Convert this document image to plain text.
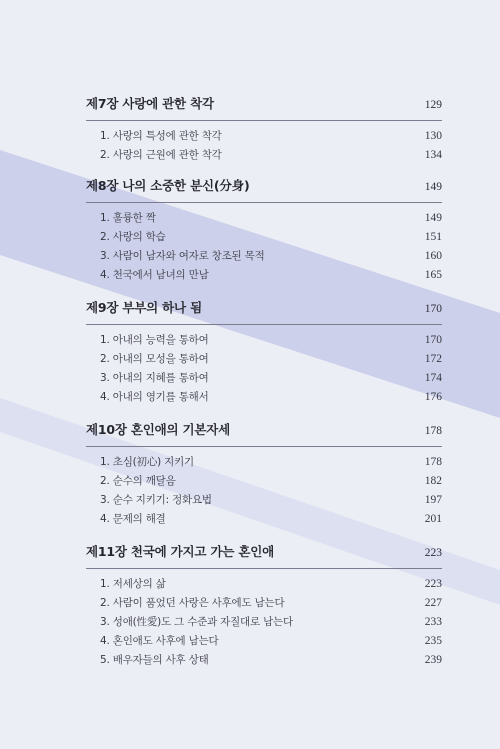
제7장 사랑에 관한 착각	129
1. 사랑의 특성에 관한 착각	130
2. 사랑의 근원에 관한 착각	134
제8장 나의 소중한 분신(分身)	149
1. 훌륭한 짝	149
2. 사랑의 학습	151
3. 사람이 남자와 여자로 창조된 목적	160
4. 천국에서 남녀의 만남	165
제9장 부부의 하나 됨	170
1. 아내의 능력을 통하여	170
2. 아내의 모성을 통하여	172
3. 아내의 지혜를 통하여	174
4. 아내의 영기를 통해서	176
제10장 혼인애의 기본자세	178
1. 초심(初心) 지키기	178
2. 순수의 깨달음	182
3. 순수 지키기: 정화요법	197
4. 문제의 해결	201
제11장 천국에 가지고 가는 혼인애	223
1. 저세상의 삶	223
2. 사람이 품었던 사랑은 사후에도 남는다	227
3. 성애(性愛)도 그 수준과 자질대로 남는다	233
4. 혼인애도 사후에 남는다	235
5. 배우자들의 사후 상태	239
